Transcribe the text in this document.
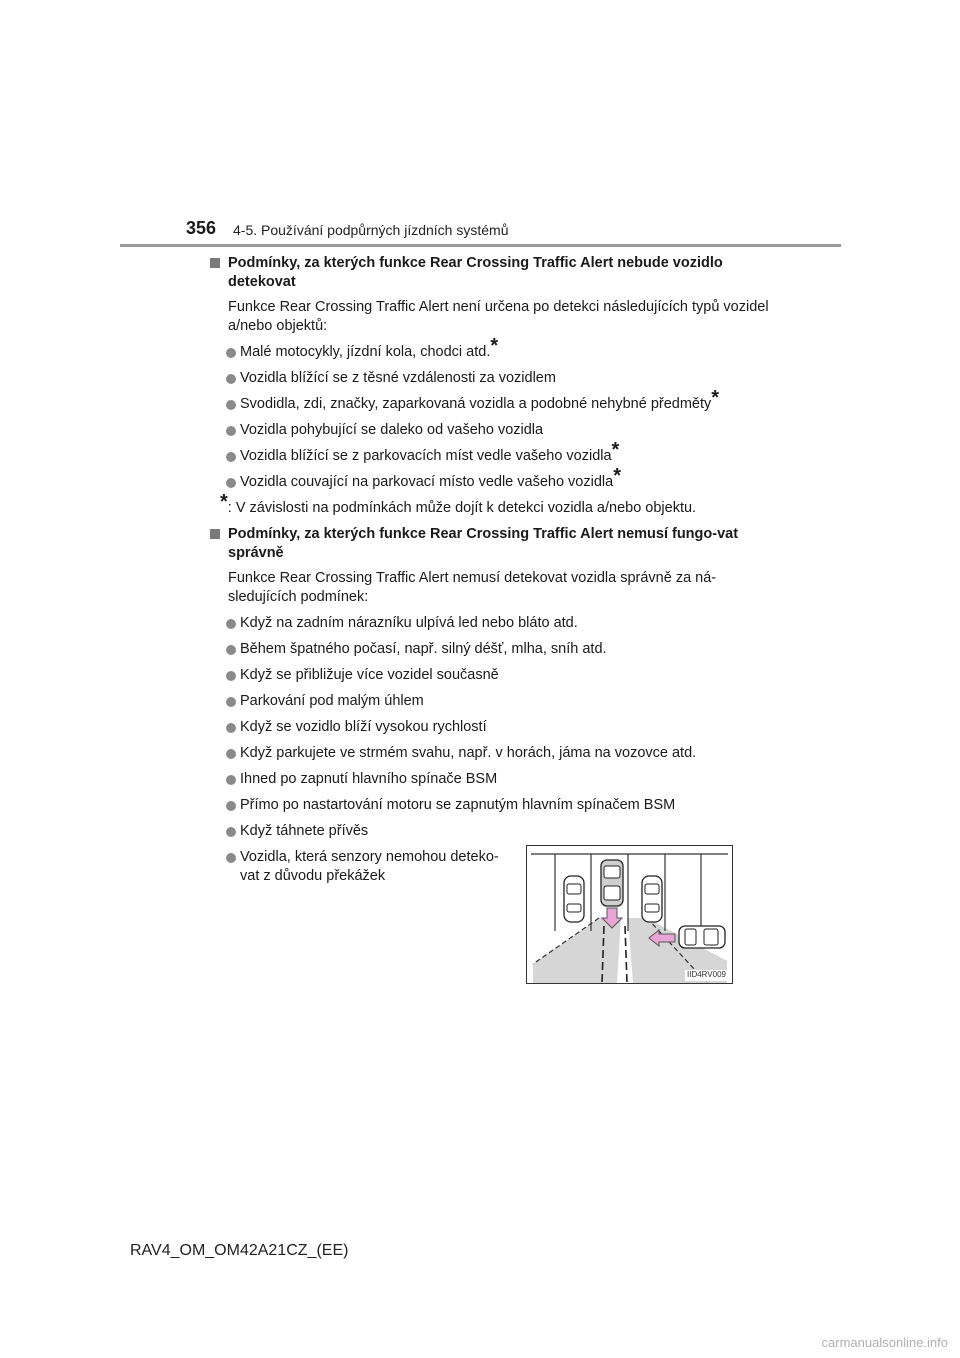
356 4-5. Používání podpůrných jízdních systémů
Podmínky, za kterých funkce Rear Crossing Traffic Alert nebude vozidlo detekovat
Funkce Rear Crossing Traffic Alert není určena po detekci následujících typů vozidel a/nebo objektů:
Malé motocykly, jízdní kola, chodci atd.*
Vozidla blížící se z těsné vzdálenosti za vozidlem
Svodidla, zdi, značky, zaparkovaná vozidla a podobné nehybné předměty*
Vozidla pohybující se daleko od vašeho vozidla
Vozidla blížící se z parkovacích míst vedle vašeho vozidla*
Vozidla couvající na parkovací místo vedle vašeho vozidla*
*: V závislosti na podmínkách může dojít k detekci vozidla a/nebo objektu.
Podmínky, za kterých funkce Rear Crossing Traffic Alert nemusí fungo-vat správně
Funkce Rear Crossing Traffic Alert nemusí detekovat vozidla správně za ná-sledujících podmínek:
Když na zadním nárazníku ulpívá led nebo bláto atd.
Během špatného počasí, např. silný déšť, mlha, sníh atd.
Když se přibližuje více vozidel současně
Parkování pod malým úhlem
Když se vozidlo blíží vysokou rychlostí
Když parkujete ve strmém svahu, např. v horách, jáma na vozovce atd.
Ihned po zapnutí hlavního spínače BSM
Přímo po nastartování motoru se zapnutým hlavním spínačem BSM
Když táhnete přívěs
Vozidla, která senzory nemohou deteko-
vat z důvodu překážek
IID4RV009
RAV4_OM_OM42A21CZ_(EE)
carmanualsonline.info
